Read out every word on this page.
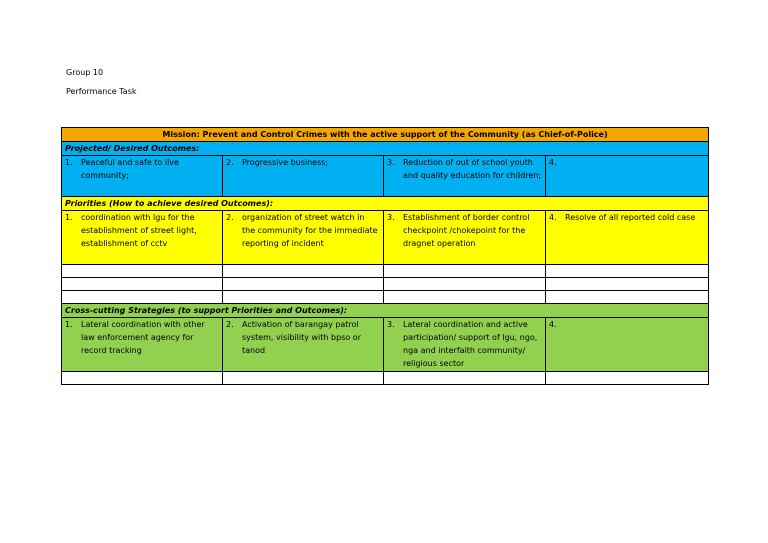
Group 10
Performance Task
Mission: Prevent and Control Crimes with the active support of the Community (as Chief-of-Police)			
Projected/ Desired Outcomes:			

1. Peaceful and safe to live community;	2. Progressive business;	3. Reduction of out of school youth and quality education for children;	4.

Priorities (How to achieve desired Outcomes):			

1. coordination with lgu for the establishment of street light, establishment of cctv	2. organization of street watch in the community for the immediate reporting of incident	3. Establishment of border control checkpoint /chokepoint for the dragnet operation	4. Resolve of all reported cold case

Cross-cutting Strategies (to support Priorities and Outcomes):			

1. Lateral coordination with other law enforcement agency for record tracking	2. Activation of barangay patrol system, visibility with bpso or tanod	3. Lateral coordination and active participation/ support of lgu, ngo, nga and interfaith community/ religious sector	4.
